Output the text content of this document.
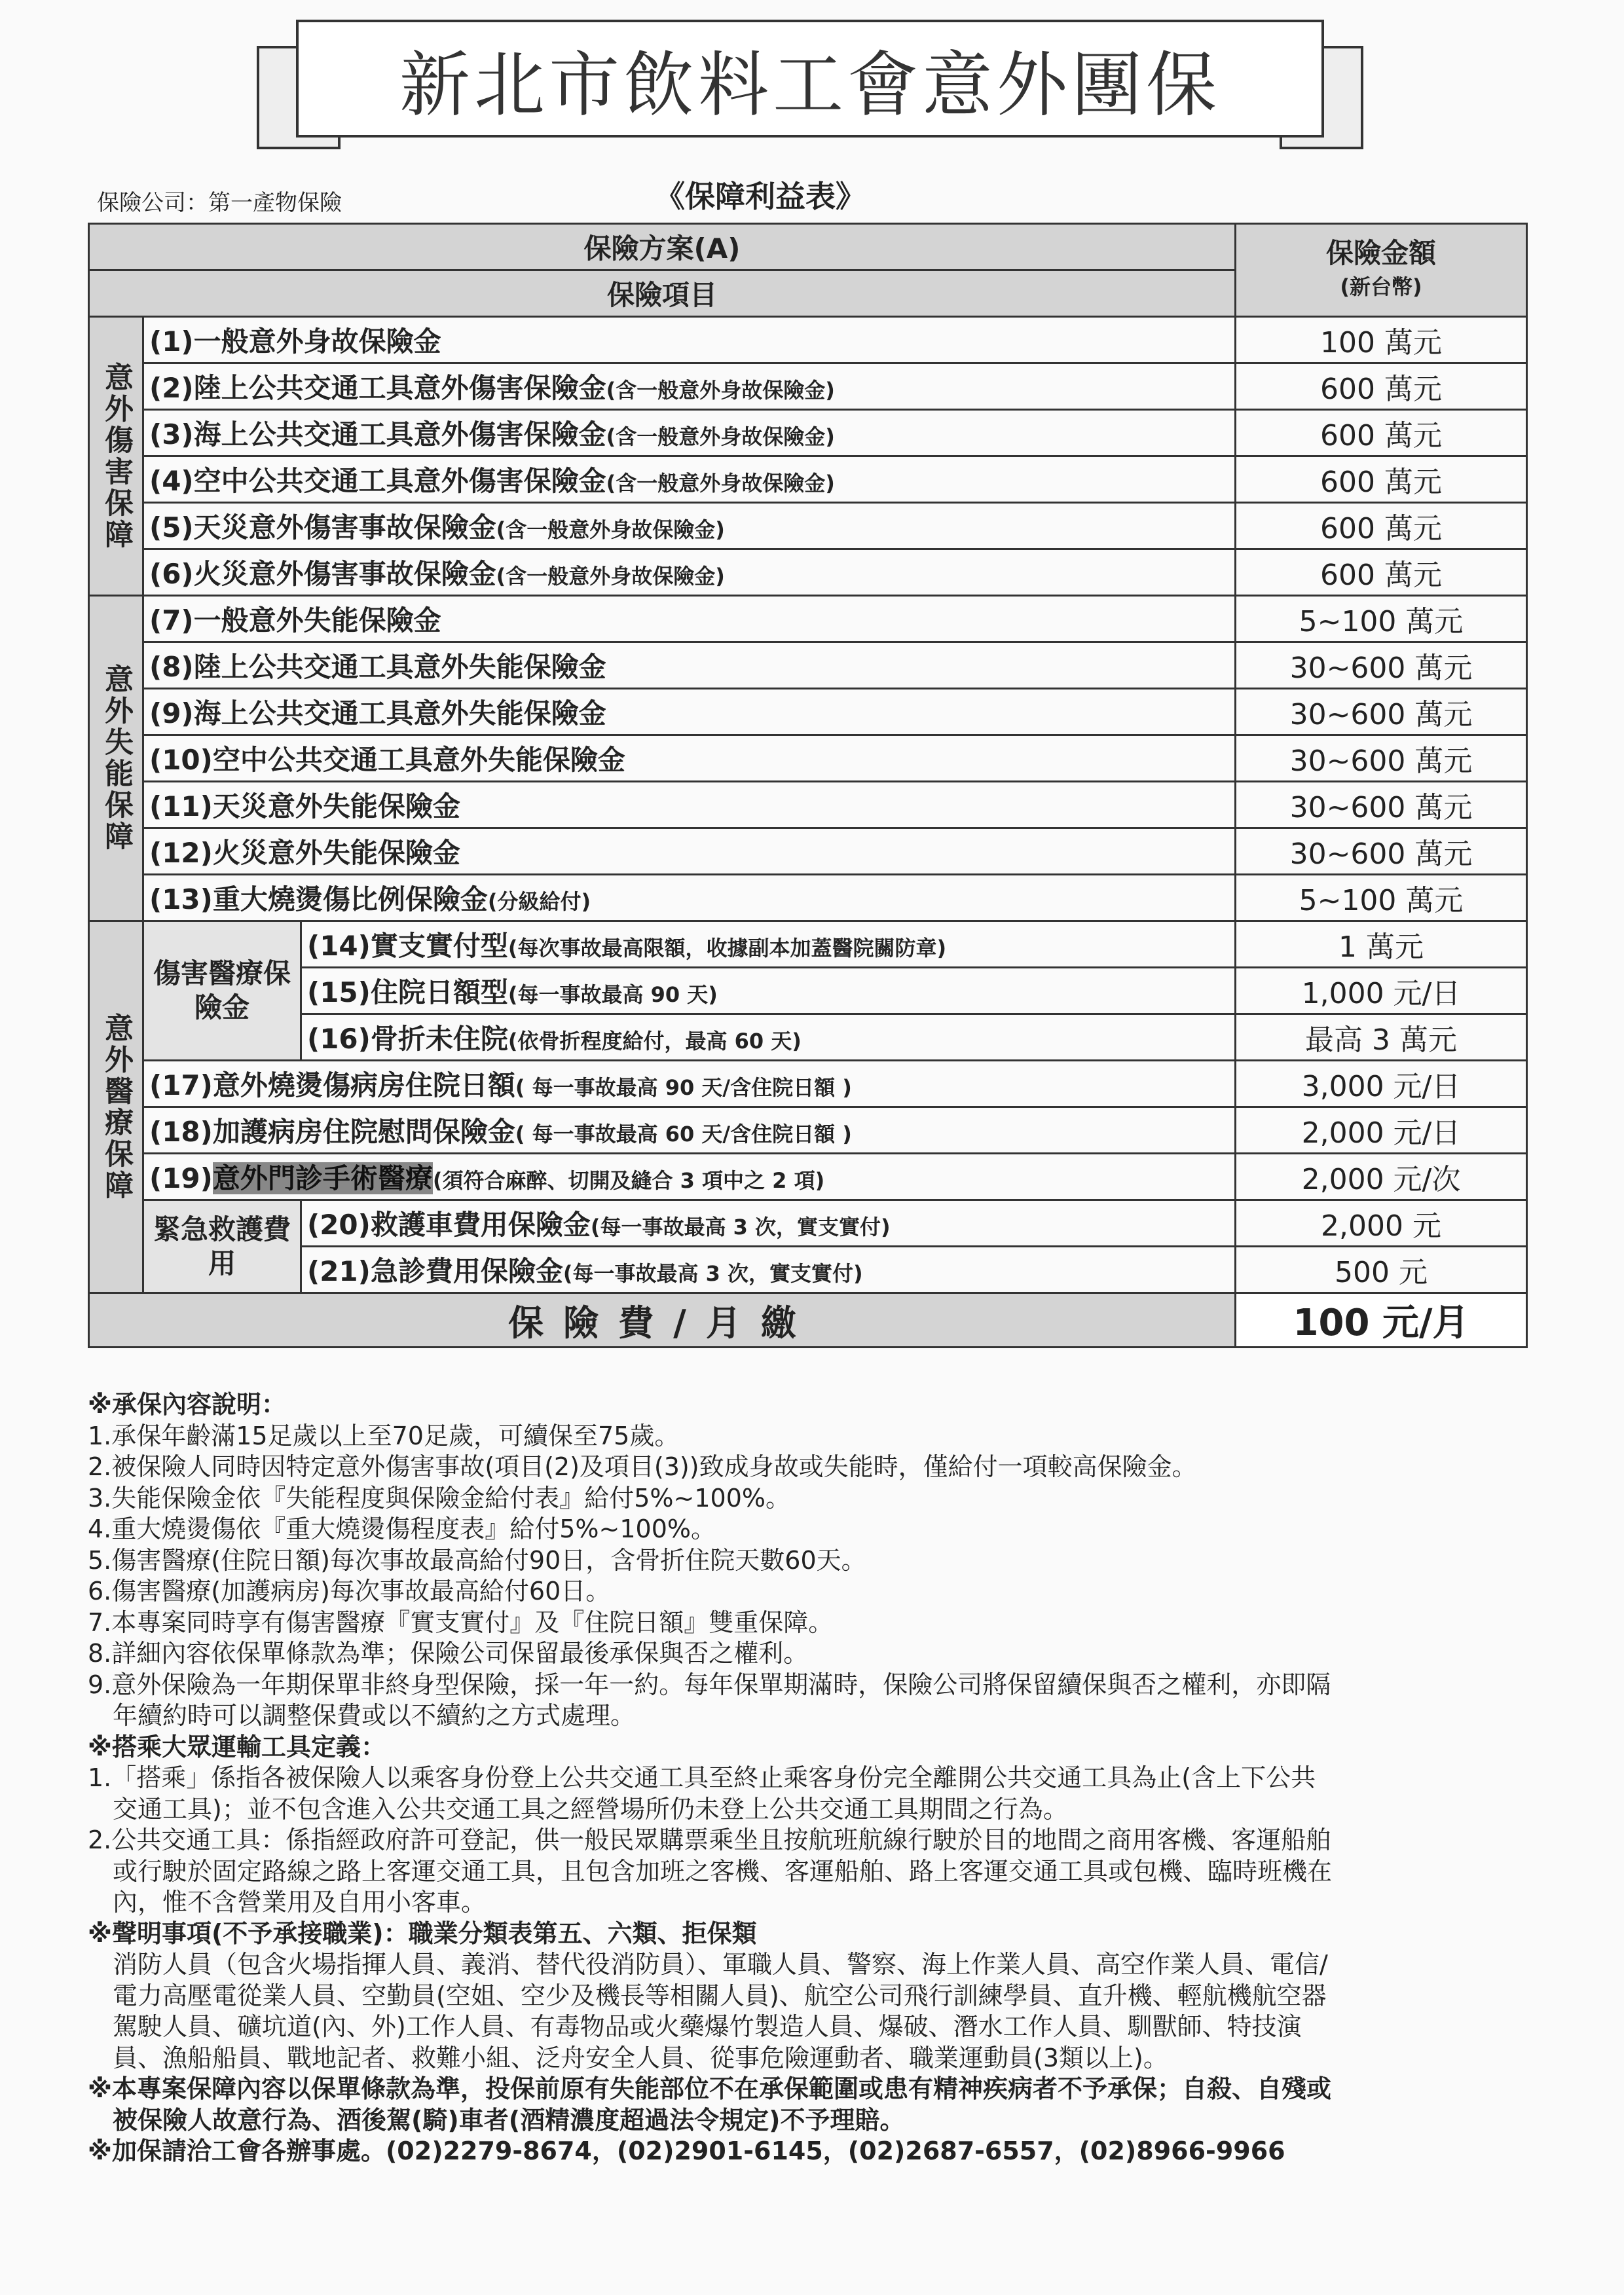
新北市飲料工會意外團保
保險公司：第一產物保險	《保障利益表》
保險方案(A)			保險金額
(新台幣)
保險項目			
意外傷害保障	(1)一般意外身故保險金		100 萬元
	(2)陸上公共交通工具意外傷害保險金(含一般意外身故保險金)		600 萬元
	(3)海上公共交通工具意外傷害保險金(含一般意外身故保險金)		600 萬元
	(4)空中公共交通工具意外傷害保險金(含一般意外身故保險金)		600 萬元
	(5)天災意外傷害事故保險金(含一般意外身故保險金)		600 萬元
	(6)火災意外傷害事故保險金(含一般意外身故保險金)		600 萬元
意外失能保障	(7)一般意外失能保險金		5~100 萬元
	(8)陸上公共交通工具意外失能保險金		30~600 萬元
	(9)海上公共交通工具意外失能保險金		30~600 萬元
	(10)空中公共交通工具意外失能保險金		30~600 萬元
	(11)天災意外失能保險金		30~600 萬元
	(12)火災意外失能保險金		30~600 萬元
	(13)重大燒燙傷比例保險金(分級給付)		5~100 萬元
意外醫療保障	傷害醫療保險金	(14)實支實付型(每次事故最高限額，收據副本加蓋醫院關防章)	1 萬元
		(15)住院日額型(每一事故最高 90 天)	1,000 元/日
		(16)骨折未住院(依骨折程度給付，最高 60 天)	最高 3 萬元
	(17)意外燒燙傷病房住院日額( 每一事故最高 90 天/含住院日額 )		3,000 元/日
	(18)加護病房住院慰問保險金( 每一事故最高 60 天/含住院日額 )		2,000 元/日
	(19)意外門診手術醫療(須符合麻醉、切開及縫合 3 項中之 2 項)		2,000 元/次
	緊急救護費用	(20)救護車費用保險金(每一事故最高 3 次，實支實付)	2,000 元
		(21)急診費用保險金(每一事故最高 3 次，實支實付)	500 元
保險費/月繳			100 元/月
※承保內容說明：
1.承保年齡滿15足歲以上至70足歲，可續保至75歲。
2.被保險人同時因特定意外傷害事故(項目(2)及項目(3))致成身故或失能時，僅給付一項較高保險金。
3.失能保險金依『失能程度與保險金給付表』給付5%~100%。
4.重大燒燙傷依『重大燒燙傷程度表』給付5%~100%。
5.傷害醫療(住院日額)每次事故最高給付90日，含骨折住院天數60天。
6.傷害醫療(加護病房)每次事故最高給付60日。
7.本專案同時享有傷害醫療『實支實付』及『住院日額』雙重保障。
8.詳細內容依保單條款為準；保險公司保留最後承保與否之權利。
9.意外保險為一年期保單非終身型保險，採一年一約。每年保單期滿時，保險公司將保留續保與否之權利，亦即隔
年續約時可以調整保費或以不續約之方式處理。
※搭乘大眾運輸工具定義：
1.「搭乘」係指各被保險人以乘客身份登上公共交通工具至終止乘客身份完全離開公共交通工具為止(含上下公共
交通工具)；並不包含進入公共交通工具之經營場所仍未登上公共交通工具期間之行為。
2.公共交通工具：係指經政府許可登記，供一般民眾購票乘坐且按航班航線行駛於目的地間之商用客機、客運船舶
或行駛於固定路線之路上客運交通工具，且包含加班之客機、客運船舶、路上客運交通工具或包機、臨時班機在
內，惟不含營業用及自用小客車。
※聲明事項(不予承接職業)：職業分類表第五、六類、拒保類
消防人員（包含火場指揮人員、義消、替代役消防員）、軍職人員、警察、海上作業人員、高空作業人員、電信/
電力高壓電從業人員、空勤員(空姐、空少及機長等相關人員)、航空公司飛行訓練學員、直升機、輕航機航空器
駕駛人員、礦坑道(內、外)工作人員、有毒物品或火藥爆竹製造人員、爆破、潛水工作人員、馴獸師、特技演
員、漁船船員、戰地記者、救難小組、泛舟安全人員、從事危險運動者、職業運動員(3類以上)。
※本專案保障內容以保單條款為準，投保前原有失能部位不在承保範圍或患有精神疾病者不予承保；自殺、自殘或
被保險人故意行為、酒後駕(騎)車者(酒精濃度超過法令規定)不予理賠。
※加保請洽工會各辦事處。(02)2279-8674，(02)2901-6145，(02)2687-6557，(02)8966-9966
